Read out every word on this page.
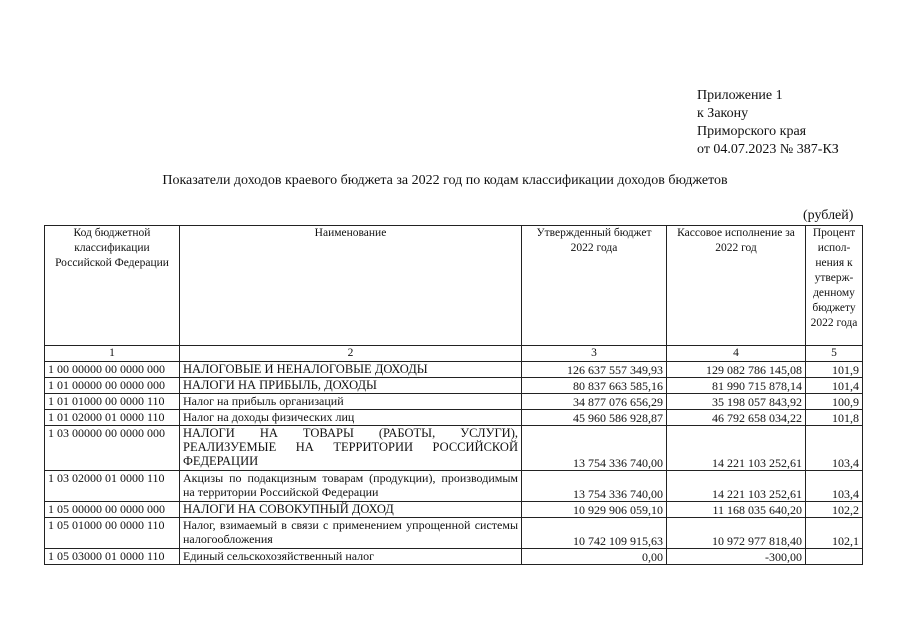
Приложение 1
к Закону
Приморского края
от 04.07.2023 № 387-КЗ
Показатели доходов краевого бюджета за 2022 год по кодам классификации доходов бюджетов
(рублей)
Код бюджетной классификации Российской Федерации	Наименование	Утвержденный бюджет 2022 года	Кассовое исполнение за 2022 год	Процент испол-нения к утверж-денному бюджету 2022 года
1	2	3	4	5
1 00 00000 00 0000 000	НАЛОГОВЫЕ И НЕНАЛОГОВЫЕ ДОХОДЫ	126 637 557 349,93	129 082 786 145,08	101,9
1 01 00000 00 0000 000	НАЛОГИ НА ПРИБЫЛЬ, ДОХОДЫ	80 837 663 585,16	81 990 715 878,14	101,4
1 01 01000 00 0000 110	Налог на прибыль организаций	34 877 076 656,29	35 198 057 843,92	100,9
1 01 02000 01 0000 110	Налог на доходы физических лиц	45 960 586 928,87	46 792 658 034,22	101,8
1 03 00000 00 0000 000	НАЛОГИ НА ТОВАРЫ (РАБОТЫ, УСЛУГИ), РЕАЛИЗУЕМЫЕ НА ТЕРРИТОРИИ РОССИЙСКОЙ ФЕДЕРАЦИИ	13 754 336 740,00	14 221 103 252,61	103,4
1 03 02000 01 0000 110	Акцизы по подакцизным товарам (продукции), производимым на территории Российской Федерации	13 754 336 740,00	14 221 103 252,61	103,4
1 05 00000 00 0000 000	НАЛОГИ НА СОВОКУПНЫЙ ДОХОД	10 929 906 059,10	11 168 035 640,20	102,2
1 05 01000 00 0000 110	Налог, взимаемый в связи с применением упрощенной системы налогообложения	10 742 109 915,63	10 972 977 818,40	102,1
1 05 03000 01 0000 110	Единый сельскохозяйственный налог	0,00	-300,00	
